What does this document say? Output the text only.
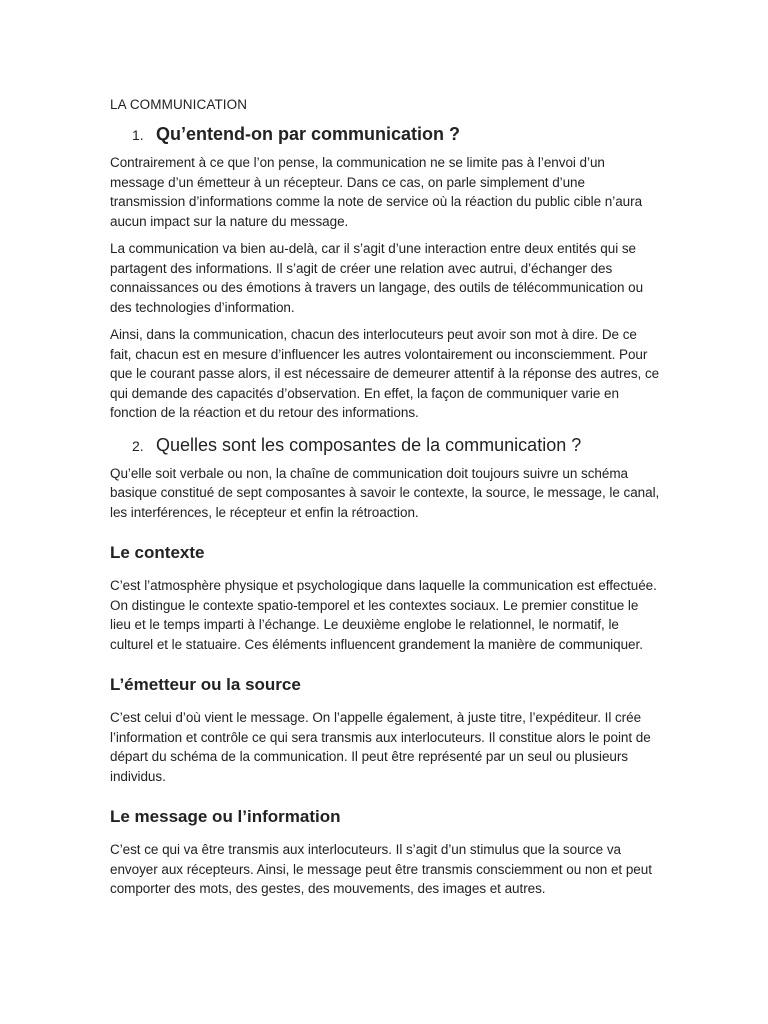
LA COMMUNICATION
1. Qu’entend-on par communication ?

Contrairement à ce que l’on pense, la communication ne se limite pas à l’envoi d’un message d’un émetteur à un récepteur. Dans ce cas, on parle simplement d’une transmission d’informations comme la note de service où la réaction du public cible n’aura aucun impact sur la nature du message.

La communication va bien au-delà, car il s’agit d’une interaction entre deux entités qui se partagent des informations. Il s’agit de créer une relation avec autrui, d’échanger des connaissances ou des émotions à travers un langage, des outils de télécommunication ou des technologies d’information.

Ainsi, dans la communication, chacun des interlocuteurs peut avoir son mot à dire. De ce fait, chacun est en mesure d’influencer les autres volontairement ou inconsciemment. Pour que le courant passe alors, il est nécessaire de demeurer attentif à la réponse des autres, ce qui demande des capacités d’observation. En effet, la façon de communiquer varie en fonction de la réaction et du retour des informations.

2. Quelles sont les composantes de la communication ?

Qu’elle soit verbale ou non, la chaîne de communication doit toujours suivre un schéma basique constitué de sept composantes à savoir le contexte, la source, le message, le canal, les interférences, le récepteur et enfin la rétroaction.

Le contexte

C’est l’atmosphère physique et psychologique dans laquelle la communication est effectuée. On distingue le contexte spatio-temporel et les contextes sociaux. Le premier constitue le lieu et le temps imparti à l’échange. Le deuxième englobe le relationnel, le normatif, le culturel et le statuaire. Ces éléments influencent grandement la manière de communiquer.

L’émetteur ou la source

C’est celui d’où vient le message. On l’appelle également, à juste titre, l’expéditeur. Il crée l’information et contrôle ce qui sera transmis aux interlocuteurs. Il constitue alors le point de départ du schéma de la communication. Il peut être représenté par un seul ou plusieurs individus.

Le message ou l’information

C’est ce qui va être transmis aux interlocuteurs. Il s’agit d’un stimulus que la source va envoyer aux récepteurs. Ainsi, le message peut être transmis consciemment ou non et peut comporter des mots, des gestes, des mouvements, des images et autres.
